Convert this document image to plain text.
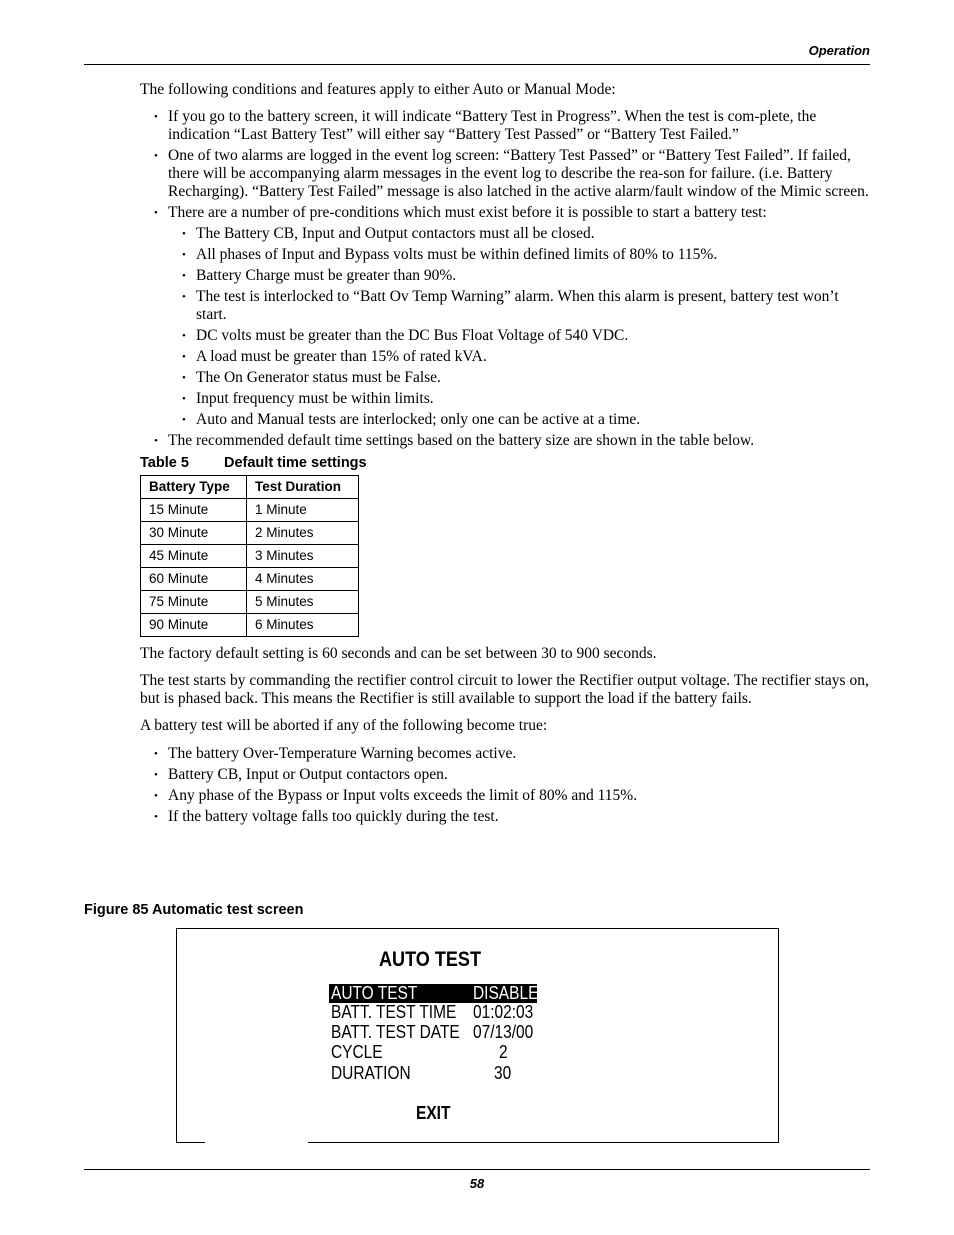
Operation

The following conditions and features apply to either Auto or Manual Mode:

• If you go to the battery screen, it will indicate “Battery Test in Progress”. When the test is com-plete, the indication “Last Battery Test” will either say “Battery Test Passed” or “Battery Test Failed.”
• One of two alarms are logged in the event log screen: “Battery Test Passed” or “Battery Test Failed”. If failed, there will be accompanying alarm messages in the event log to describe the rea-son for failure. (i.e. Battery Recharging). “Battery Test Failed” message is also latched in the active alarm/fault window of the Mimic screen.
• There are a number of pre-conditions which must exist before it is possible to start a battery test:
• The Battery CB, Input and Output contactors must all be closed.
• All phases of Input and Bypass volts must be within defined limits of 80% to 115%.
• Battery Charge must be greater than 90%.
• The test is interlocked to “Batt Ov Temp Warning” alarm. When this alarm is present, battery test won’t start.
• DC volts must be greater than the DC Bus Float Voltage of 540 VDC.
• A load must be greater than 15% of rated kVA.
• The On Generator status must be False.
• Input frequency must be within limits.
• Auto and Manual tests are interlocked; only one can be active at a time.
• The recommended default time settings based on the battery size are shown in the table below.
Table 5 Default time settings
Battery Type	Test Duration
15 Minute	1 Minute
30 Minute	2 Minutes
45 Minute	3 Minutes
60 Minute	4 Minutes
75 Minute	5 Minutes
90 Minute	6 Minutes

The factory default setting is 60 seconds and can be set between 30 to 900 seconds.

The test starts by commanding the rectifier control circuit to lower the Rectifier output voltage. The rectifier stays on, but is phased back. This means the Rectifier is still available to support the load if the battery fails.

A battery test will be aborted if any of the following become true:

• The battery Over-Temperature Warning becomes active.
• Battery CB, Input or Output contactors open.
• Any phase of the Bypass or Input volts exceeds the limit of 80% and 115%.
• If the battery voltage falls too quickly during the test.
Figure 85 Automatic test screen
AUTO TEST
AUTO TEST	DISABLE
BATT. TEST TIME 01:02:03
BATT. TEST DATE 07/13/00
CYCLE	2
DURATION	30
EXIT
58
